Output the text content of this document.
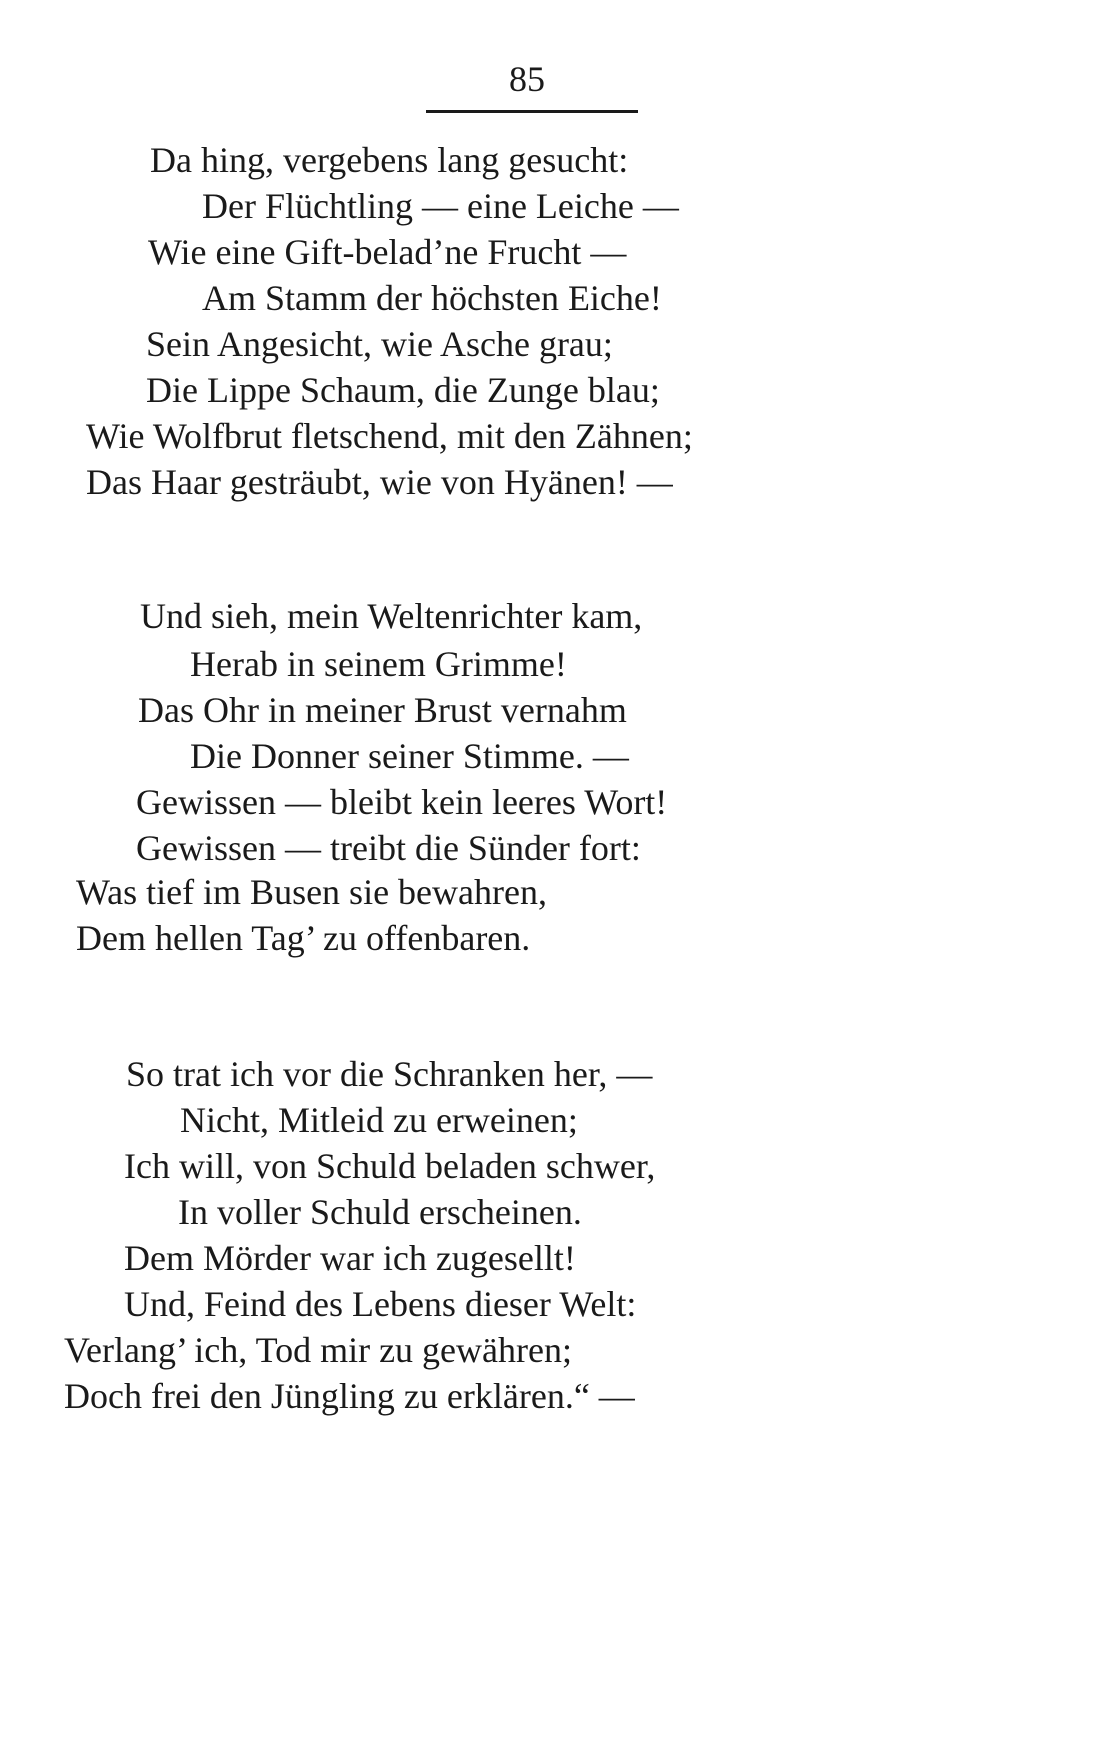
85
Da hing, vergebens lang gesucht:
Der Flüchtling — eine Leiche —
Wie eine Gift-belad’ne Frucht —
Am Stamm der höchsten Eiche!
Sein Angesicht, wie Asche grau;
Die Lippe Schaum, die Zunge blau;
Wie Wolfbrut fletschend, mit den Zähnen;
Das Haar gesträubt, wie von Hyänen! —
Und sieh, mein Weltenrichter kam,
Herab in seinem Grimme!
Das Ohr in meiner Brust vernahm
Die Donner seiner Stimme. —
Gewissen — bleibt kein leeres Wort!
Gewissen — treibt die Sünder fort:
Was tief im Busen sie bewahren,
Dem hellen Tag’ zu offenbaren.
So trat ich vor die Schranken her, —
Nicht, Mitleid zu erweinen;
Ich will, von Schuld beladen schwer,
In voller Schuld erscheinen.
Dem Mörder war ich zugesellt!
Und, Feind des Lebens dieser Welt:
Verlang’ ich, Tod mir zu gewähren;
Doch frei den Jüngling zu erklären.“ —
